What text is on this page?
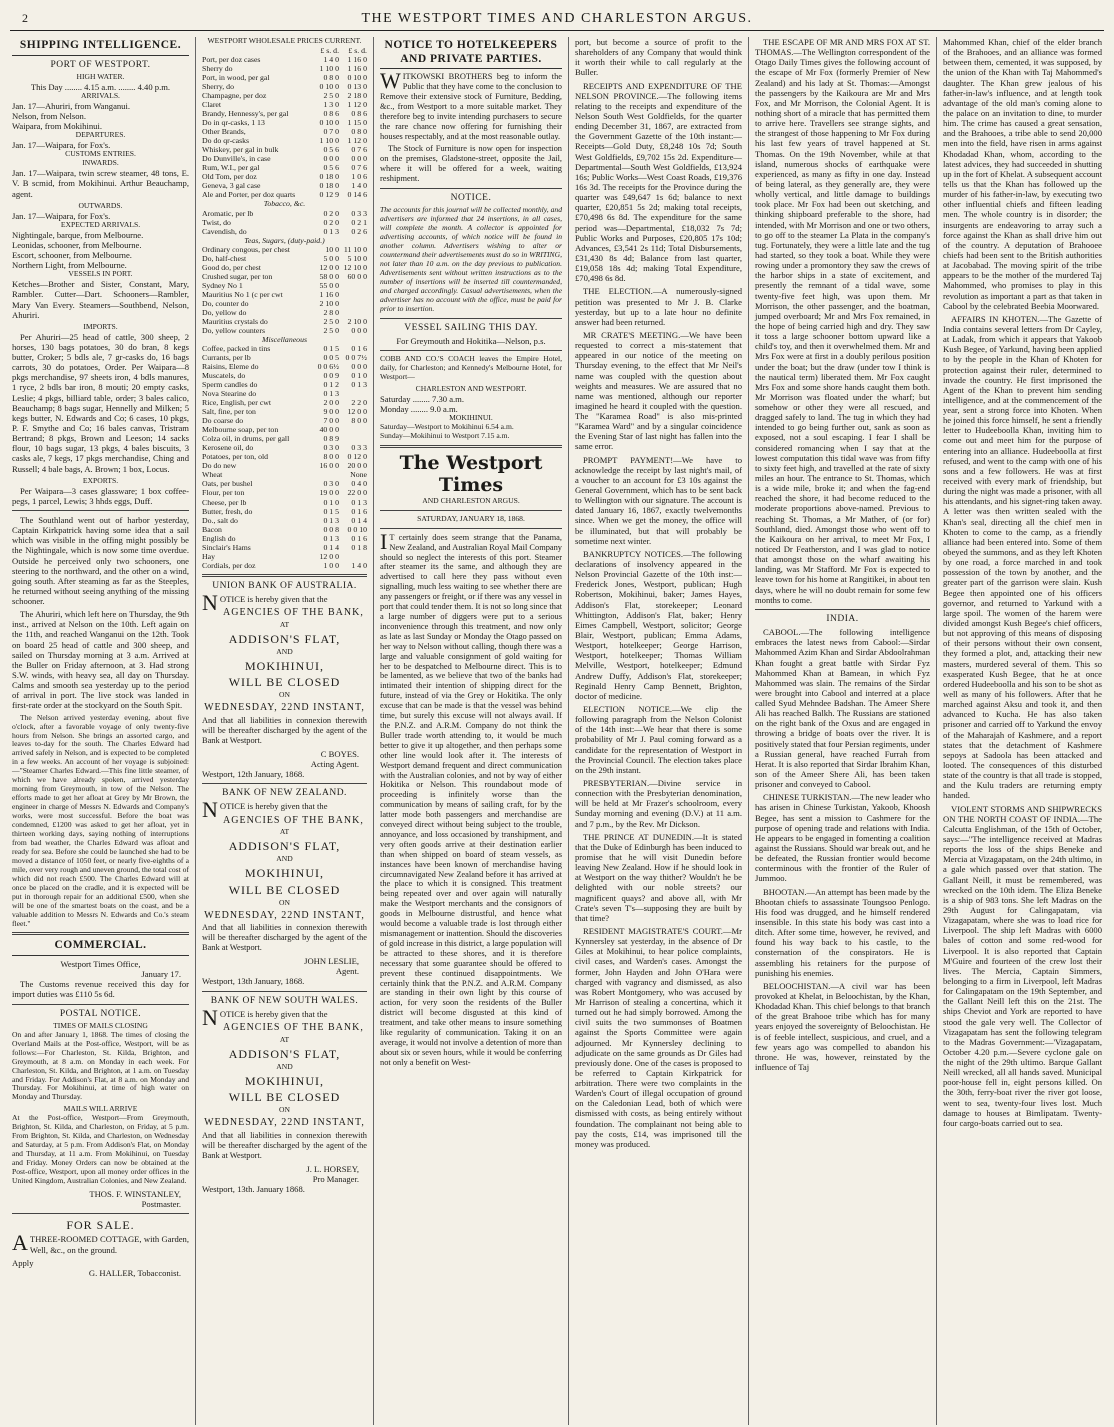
2	THE WESTPORT TIMES AND CHARLESTON ARGUS.
SHIPPING INTELLIGENCE.
PORT OF WESTPORT.
HIGH WATER.
This Day ........ 4.15 a.m. ........ 4.40 p.m.
ARRIVALS.
Jan. 17—Ahuriri, from Wanganui.
Nelson, from Nelson.
Waipara, from Mokihinui.
DEPARTURES.
Jan. 17—Waipara, for Fox's.
CUSTOMS ENTRIES.
INWARDS.

Jan. 17—Waipara, twin screw steamer, 48 tons, E. V. B scmid, from Mokihinui. Arthur Beauchamp, agent.

OUTWARDS.
Jan. 17—Waipara, for Fox's.
EXPECTED ARRIVALS.
Nightingale, barque, from Melbourne.
Leonidas, schooner, from Melbourne.
Escort, schooner, from Melbourne.
Northern Light, from Melbourne.
VESSELS IN PORT.

Ketches—Brother and Sister, Constant, Mary, Rambler. Cutter—Dart. Schooners—Rambler, Mary Van Every. Steamers—Southbend, Nelson, Ahuriri.

IMPORTS.

Per Ahuriri—25 head of cattle, 300 sheep, 2 horses, 130 bags potatoes, 30 do bran, 8 kegs butter, Croker; 5 bdls ale, 7 gr-casks do, 16 bags carrots, 30 do potatoes, Order. Per Waipara—8 pkgs merchandise, 97 sheets iron, 4 bdls manures, 1 ryce, 2 bdls bar iron, 8 mouti; 20 empty casks, Leslie; 4 pkgs, billiard table, order; 3 bales calico, Beauchamp; 8 bags sugar, Hennelly and Milken; 5 kegs butter, N. Edwards and Co; 6 cases, 10 pkgs, P. F. Smythe and Co; 16 bales canvas, Tristram Bertrand; 8 pkgs, Brown and Leeson; 14 sacks flour, 10 bags sugar, 13 pkgs, 4 bales biscuits, 3 casks ale, 7 kegs, 17 pkgs merchandise, Ching and Russell; 4 bale bags, A. Brown; 1 box, Locus.

EXPORTS.

Per Waipara—3 cases glassware; 1 box coffee-pegs, 1 parcel, Lewis; 3 hhds eggs, Duff.

The Southland went out of harbor yesterday, Captain Kirkpatrick having some idea that a sail which was visible in the offing might possibly be the Nightingale, which is now some time overdue. Outside he perceived only two schooners, one steering to the northward, and the other on a wind, going south. After steaming as far as the Steeples, he returned without seeing anything of the missing schooner.

The Ahuriri, which left here on Thursday, the 9th inst., arrived at Nelson on the 10th. Left again on the 11th, and reached Wanganui on the 12th. Took on board 25 head of cattle and 300 sheep, and sailed on Thursday morning at 3 a.m. Arrived at the Buller on Friday afternoon, at 3. Had strong S.W. winds, with heavy sea, all day on Thursday. Calms and smooth sea yesterday up to the period of arrival in port. The live stock was landed in first-rate order at the stockyard on the South Spit.

The Nelson arrived yesterday evening, about five o'clock, after a favorable voyage of only twenty-five hours from Nelson. She brings an assorted cargo, and leaves to-day for the south. The Charles Edward had arrived safely in Nelson, and is expected to be completed in a few weeks. An account of her voyage is subjoined:—"Steamer Charles Edward.—This fine little steamer, of which we have already spoken, arrived yesterday morning from Greymouth, in tow of the Nelson. The efforts made to get her afloat at Grey by Mr Brown, the engineer in charge of Messrs N. Edwards and Company's works, were most successful. Before the boat was condemned, £1200 was asked to get her afloat, yet in thirteen working days, saying nothing of interruptions from bad weather, the Charles Edward was afloat and ready for sea. Before she could be launched she had to be moved a distance of 1050 feet, or nearly five-eighths of a mile, over very rough and uneven ground, the total cost of which did not reach £500. The Charles Edward will at once be placed on the cradle, and it is expected will be put in thorough repair for an additional £500, when she will be one of the smartest boats on the coast, and be a valuable addition to Messrs N. Edwards and Co.'s steam fleet."

COMMERCIAL.
Westport Times Office,
January 17.

The Customs revenue received this day for import duties was £110 5s 6d.

POSTAL NOTICE.
TIMES OF MAILS CLOSING

On and after January 1, 1868. The times of closing the Overland Mails at the Post-office, Westport, will be as follows:—For Charleston, St. Kilda, Brighton, and Greymouth, at 8 a.m. on Monday in each week. For Charleston, St. Kilda, and Brighton, at 1 a.m. on Tuesday and Friday. For Addison's Flat, at 8 a.m. on Monday and Thursday. For Mokihinui, at time of high water on Monday and Thursday.

MAILS WILL ARRIVE

At the Post-office, Westport—From Greymouth, Brighton, St. Kilda, and Charleston, on Friday, at 5 p.m. From Brighton, St. Kilda, and Charleston, on Wednesday and Saturday, at 5 p.m. From Addison's Flat, on Monday and Thursday, at 11 a.m. From Mokihinui, on Tuesday and Friday. Money Orders can now be obtained at the Post-office, Westport, upon all money order offices in the United Kingdom, Australian Colonies, and New Zealand.

THOS. F. WINSTANLEY,
Postmaster.
FOR SALE.

ATHREE-ROOMED COTTAGE, with Garden, Well, &c., on the ground.

Apply
G. HALLER, Tobacconist.
WESTPORT WHOLESALE PRICES CURRENT.
	£ s. d.	£ s. d.
Port, per doz cases	1 4 0	1 16 0
Sherry do	1 10 0	1 16 0
Port, in wood, per gal	0 8 0	0 10 0
Sherry, do	0 10 0	0 13 0
Champagne, per doz	2 5 0	2 18 0
Claret	1 3 0	1 12 0
Brandy, Hennessy's, per gal	0 8 6	0 8 6
Do in qr-casks, 1 13	0 10 0	1 15 0
Other Brands,	0 7 0	0 8 0
Do do qr-casks	1 10 0	1 12 0
Whiskey, per gal in bulk	0 5 6	0 7 6
Do Dunville's, in case	0 0 0	0 0 0
Rum, W.I., per gal	0 5 6	0 7 6
Old Tom, per doz	0 18 0	1 0 6
Geneva, 3 gal case	0 18 0	1 4 0
Ale and Porter, per doz quarts	0 12 9	0 14 6
Tobacco, &c.		
Aromatic, per lb	0 2 0	0 3 3
Twist, do	0 2 0	0 2 1
Cavendish, do	0 1 3	0 2 6
Teas, Sugars, (duty-paid.)		
Ordinary congous, per chest	10 0	11 10 0
Do, half-chest	5 0 0	5 10 0
Good do, per chest	12 0 0	12 10 0
Crushed sugar, per ton	58 0 0	60 0 0
Sydney No 1	55 0 0	
Mauritius No 1 (c per cwt	1 16 0	
Do, counter do	2 10 0	
Do, yellow do	2 8 0	
Mauritius crystals do	2 5 0	2 10 0
Do, yellow counters	2 5 0	0 0 0
Miscellaneous		
Coffee, packed in tins	0 1 5	0 1 6
Currants, per lb	0 0 5	0 0 7½
Raisins, Eleme do	0 0 6½	0 0 0
Muscatels, do	0 0 9	0 1 0
Sperm candles do	0 1 2	0 1 3
Nova Stearine do	0 1 3	
Rice, English, per cwt	2 0 0	2 2 0
Salt, fine, per ton	9 0 0	12 0 0
Do coarse do	7 0 0	8 0 0
Melbourne soap, per ton	40 0 0	
Colza oil, in drums, per gall	0 8 9	
Kerosene oil, do	0 3 0	0 3 3
Potatoes, per ton, old	8 0 0	0 12 0
Do do new	16 0 0	20 0 0
Wheat		None
Oats, per bushel	0 3 0	0 4 0
Flour, per ton	19 0 0	22 0 0
Cheese, per lb	0 1 0	0 1 3
Butter, fresh, do	0 1 5	0 1 6
Do., salt do	0 1 3	0 1 4
Bacon	0 0 8	0 0 10
English do	0 1 3	0 1 6
Sinclair's Hams	0 1 4	0 1 8
Hay	12 0 0	
Cordials, per doz	1 0 0	1 4 0
UNION BANK OF AUSTRALIA.

NOTICE is hereby given that the

AGENCIES OF THE BANK,
AT
ADDISON'S FLAT,
AND
MOKIHINUI,
WILL BE CLOSED
ON
WEDNESDAY, 22ND INSTANT,

And that all liabilities in connexion therewith will be thereafter discharged by the agent of the Bank at Westport.

C BOYES.
Acting Agent.
Westport, 12th January, 1868.
BANK OF NEW ZEALAND.

NOTICE is hereby given that the

AGENCIES OF THE BANK,
AT
ADDISON'S FLAT,
AND
MOKIHINUI,
WILL BE CLOSED
ON
WEDNESDAY, 22ND INSTANT,

And that all liabilities in connexion therewith will be thereafter discharged by the agent of the Bank at Westport.

JOHN LESLIE,
Agent.
Westport, 13th January, 1868.
BANK OF NEW SOUTH WALES.

NOTICE is hereby given that the

AGENCIES OF THE BANK,
AT
ADDISON'S FLAT,
AND
MOKIHINUI,
WILL BE CLOSED
ON
WEDNESDAY, 22ND INSTANT,

And that all liabilities in connexion therewith will be thereafter discharged by the agent of the Bank at Westport.

J. L. HORSEY,
Pro Manager.
Westport, 13th. January 1868.
NOTICE TO HOTELKEEPERS AND PRIVATE PARTIES.

WITKOWSKI BROTHERS beg to inform the Public that they have come to the conclusion to Remove their extensive stock of Furniture, Bedding, &c., from Westport to a more suitable market. They therefore beg to invite intending purchasers to secure the rare chance now offering for furnishing their houses respectably, and at the most reasonable outlay.

The Stock of Furniture is now open for inspection on the premises, Gladstone-street, opposite the Jail, where it will be offered for a week, waiting reshipment.

NOTICE.

The accounts for this journal will be collected monthly, and advertisers are informed that 24 insertions, in all cases, will complete the month. A collector is appointed for advertising accounts, of which notice will be found in another column. Advertisers wishing to alter or countermand their advertisements must do so in WRITING, not later than 10 a.m. on the day previous to publication. Advertisements sent without written instructions as to the number of insertions will be inserted till countermanded, and charged accordingly. Casual advertisements, when the advertiser has no account with the office, must be paid for prior to insertion.

VESSEL SAILING THIS DAY.
For Greymouth and Hokitika—Nelson, p.s.

COBB AND CO.'S COACH leaves the Empire Hotel, daily, for Charleston; and Kennedy's Melbourne Hotel, for Westport—

CHARLESTON AND WESTPORT.
Saturday ........ 7.30 a.m.
Monday ........ 9.0 a.m.
MOKIHINUI.
Saturday—Westport to Mokihinui 6.54 a.m.
Sunday—Mokihinui to Westport 7.15 a.m.
The Westport Times
AND CHARLESTON ARGUS.
SATURDAY, JANUARY 18, 1868.

IT certainly does seem strange that the Panama, New Zealand, and Australian Royal Mail Company should so neglect the interests of this port. Steamer after steamer its the same, and although they are advertised to call here they pass without even signalling, much less waiting to see whether there are any passengers or freight, or if there was any vessel in port that could tender them. It is not so long since that a large number of diggers were put to a serious inconvenience through this treatment, and now only as late as last Sunday or Monday the Otago passed on her way to Nelson without calling, though there was a large and valuable consignment of gold waiting for her to be despatched to Melbourne direct. This is to be lamented, as we believe that two of the banks had intimated their intention of shipping direct for the future, instead of via the Grey or Hokitika. The only excuse that can be made is that the vessel was behind time, but surely this excuse will not always avail. If the P.N.Z. and A.R.M. Company do not think the Buller trade worth attending to, it would be much better to give it up altogether, and then perhaps some other line would look after it. The interests of Westport demand frequent and direct communication with the Australian colonies, and not by way of either Hokitika or Nelson. This roundabout mode of proceeding is infinitely worse than the communication by means of sailing craft, for by the latter mode both passengers and merchandise are conveyed direct without being subject to the trouble, annoyance, and loss occasioned by transhipment, and very often goods arrive at their destination earlier than when shipped on board of steam vessels, as instances have been known of merchandise having circumnavigated New Zealand before it has arrived at the place to which it is consigned. This treatment being repeated over and over again will naturally make the Westport merchants and the consignors of goods in Melbourne distrustful, and hence what would become a valuable trade is lost through either mismanagement or inattention. Should the discoveries of gold increase in this district, a large population will be attracted to these shores, and it is therefore necessary that some guarantee should be offered to prevent these continued disappointments. We certainly think that the P.N.Z. and A.R.M. Company are standing in their own light by this course of action, for very soon the residents of the Buller district will become disgusted at this kind of treatment, and take other means to insure something like regularity of communication. Taking it on an average, it would not involve a detention of more than about six or seven hours, while it would be conferring not only a benefit on West-

port, but become a source of profit to the shareholders of any Company that would think it worth their while to call regularly at the Buller.

RECEIPTS AND EXPENDITURE OF THE NELSON PROVINCE.—The following items relating to the receipts and expenditure of the Nelson South West Goldfields, for the quarter ending December 31, 1867, are extracted from the Government Gazette of the 10th instant:—Receipts—Gold Duty, £8,248 10s 7d; South West Goldfields, £9,702 15s 2d. Expenditure—Departmental—South West Goldfields, £13,924 16s; Public Works—West Coast Roads, £19,376 16s 3d. The receipts for the Province during the quarter was £49,647 1s 6d; balance to next quarter, £20,851 5s 2d; making total receipts, £70,498 6s 8d. The expenditure for the same period was—Departmental, £18,032 7s 7d; Public Works and Purposes, £20,805 17s 10d; Advances, £3,541 2s 11d; Total Disbursements, £31,430 8s 4d; Balance from last quarter, £19,058 18s 4d; making Total Expenditure, £70,498 6s 8d.

THE ELECTION.—A numerously-signed petition was presented to Mr J. B. Clarke yesterday, but up to a late hour no definite answer had been returned.

MR CRATE'S MEETING.—We have been requested to correct a mis-statement that appeared in our notice of the meeting on Thursday evening, to the effect that Mr Neil's name was coupled with the question about weights and measures. We are assured that no name was mentioned, although our reporter imagined he heard it coupled with the question. The "Karamea Road" is also mis-printed "Karamea Ward" and by a singular coincidence the Evening Star of last night has fallen into the same error.

PROMPT PAYMENT!—We have to acknowledge the receipt by last night's mail, of a voucher to an account for £3 10s against the General Government, which has to be sent back to Wellington with our signature. The account is dated January 16, 1867, exactly twelvemonths since. When we get the money, the office will be illuminated, but that will probably be sometime next winter.

BANKRUPTCY NOTICES.—The following declarations of insolvency appeared in the Nelson Provincial Gazette of the 10th inst:—Frederick Jones, Westport, publican; Hugh Robertson, Mokihinui, baker; James Hayes, Addison's Flat, storekeeper; Leonard Whittington, Addison's Flat, baker; Henry Eimes Campbell, Westport, solicitor; George Blair, Westport, publican; Emma Adams, Westport, hotelkeeper; George Harrison, Westport, hotelkeeper; Thomas William Melville, Westport, hotelkeeper; Edmund Andrew Duffy, Addison's Flat, storekeeper; Reginald Henry Camp Bennett, Brighton, doctor of medicine.

ELECTION NOTICE.—We clip the following paragraph from the Nelson Colonist of the 14th inst:—We hear that there is some probability of Mr J. Paul coming forward as a candidate for the representation of Westport in the Provincial Council. The election takes place on the 29th instant.

PRESBYTERIAN.—Divine service in connection with the Presbyterian denomination, will be held at Mr Frazer's schoolroom, every Sunday morning and evening (D.V.) at 11 a.m. and 7 p.m., by the Rev. Mr Dickson.

THE PRINCE AT DUNEDIN.—It is stated that the Duke of Edinburgh has been induced to promise that he will visit Dunedin before leaving New Zealand. How if he should look in at Westport on the way thither? Wouldn't he be delighted with our noble streets? our magnificent quays? and above all, with Mr Crate's seven T's—supposing they are built by that time?

RESIDENT MAGISTRATE'S COURT.—Mr Kynnersley sat yesterday, in the absence of Dr Giles at Mokihinui, to hear police complaints, civil cases, and Warden's cases. Amongst the former, John Hayden and John O'Hara were charged with vagrancy and dismissed, as also was Robert Montgomery, who was accused by Mr Harrison of stealing a concertina, which it turned out he had simply borrowed. Among the civil suits the two summonses of Boatmen against the Sports Committee were again adjourned. Mr Kynnersley declining to adjudicate on the same grounds as Dr Giles had previously done. One of the cases is proposed to be referred to Captain Kirkpatrick for arbitration. There were two complaints in the Warden's Court of illegal occupation of ground on the Caledonian Lead, both of which were dismissed with costs, as being entirely without foundation. The complainant not being able to pay the costs, £14, was imprisoned till the money was produced.

THE ESCAPE OF MR AND MRS FOX AT ST. THOMAS.—The Wellington correspondent of the Otago Daily Times gives the following account of the escape of Mr Fox (formerly Premier of New Zealand) and his lady at St. Thomas:—Amongst the passengers by the Kaikoura are Mr and Mrs Fox, and Mr Morrison, the Colonial Agent. It is nothing short of a miracle that has permitted them to arrive here. Travellers see strange sights, and the strangest of those happening to Mr Fox during his last few years of travel happened at St. Thomas. On the 19th November, while at that island, numerous shocks of earthquake were experienced, as many as fifty in one day. Instead of being lateral, as they generally are, they were wholly vertical, and little damage to buildings took place. Mr Fox had been out sketching, and thinking shipboard preferable to the shore, had intended, with Mr Morrison and one or two others, to go off to the steamer La Plata in the company's tug. Fortunately, they were a little late and the tug had started, so they took a boat. While they were rowing under a promontory they saw the crews of the harbor ships in a state of excitement, and presently the remnant of a tidal wave, some twenty-five feet high, was upon them. Mr Morrison, the other passenger, and the boatman, jumped overboard; Mr and Mrs Fox remained, in the hope of being carried high and dry. They saw it toss a large schooner bottom upward like a child's toy, and then it overwhelmed them. Mr and Mrs Fox were at first in a doubly perilous position under the boat; but the draw (under tow I think is the nautical term) liberated them. Mr Fox caught Mrs Fox and some shore hands caught them both. Mr Morrison was floated under the wharf; but somehow or other they were all rescued, and dragged safely to land. The tug in which they had intended to go being further out, sank as soon as exposed, not a soul escaping. I fear I shall be considered romancing when I say that at the lowest computation this tidal wave was from fifty to sixty feet high, and travelled at the rate of sixty miles an hour. The entrance to St. Thomas, which is a wide mile, broke it; and when the fag-end reached the shore, it had become reduced to the moderate proportions above-named. Previous to reaching St. Thomas, a Mr Mather, of (or for) Southland, died. Amongst those who went off to the Kaikoura on her arrival, to meet Mr Fox, I noticed Dr Featherston, and I was glad to notice that amongst those on the wharf awaiting his landing, was Mr Stafford. Mr Fox is expected to leave town for his home at Rangitikei, in about ten days, where he will no doubt remain for some few months to come.

INDIA.

CABOOL.—The following intelligence embraces the latest news from Cabool:—Sirdar Mahommed Azim Khan and Sirdar Abdoolrahman Khan fought a great battle with Sirdar Fyz Mahommed Khan at Bamean, in which Fyz Mahommed was slain. The remains of the Sirdar were brought into Cabool and interred at a place called Syud Mehndee Badshan. The Ameer Shere Ali has reached Balkh. The Russians are stationed on the right bank of the Oxus and are engaged in throwing a bridge of boats over the river. It is positively stated that four Persian regiments, under a Russian general, have reached Furrah from Herat. It is also reported that Sirdar Ibrahim Khan, son of the Ameer Shere Ali, has been taken prisoner and conveyed to Cabool.

CHINESE TURKISTAN.—The new leader who has arisen in Chinese Turkistan, Yakoob, Khoosh Begee, has sent a mission to Cashmere for the purpose of opening trade and relations with India. He appears to be engaged in fomenting a coalition against the Russians. Should war break out, and he be defeated, the Russian frontier would become conterminous with the frontier of the Ruler of Jummoo.

BHOOTAN.—An attempt has been made by the Bhootan chiefs to assassinate Toungsoo Penlogo. His food was drugged, and he himself rendered insensible. In this state his body was cast into a ditch. After some time, however, he revived, and found his way back to his castle, to the consternation of the conspirators. He is assembling his retainers for the purpose of punishing his enemies.

BELOOCHISTAN.—A civil war has been provoked at Khelat, in Beloochistan, by the Khan, Khodadad Khan. This chief belongs to that branch of the great Brahooe tribe which has for many years enjoyed the sovereignty of Beloochistan. He is of feeble intellect, suspicious, and cruel, and a few years ago was compelled to abandon his throne. He was, however, reinstated by the influence of Taj

Mahommed Khan, chief of the elder branch of the Brahooes, and an alliance was formed between them, cemented, it was supposed, by the union of the Khan with Taj Mahommed's daughter. The Khan grew jealous of his father-in-law's influence, and at length took advantage of the old man's coming alone to the palace on an invitation to dine, to murder him. The crime has caused a great sensation, and the Brahooes, a tribe able to send 20,000 men into the field, have risen in arms against Khodadad Khan, whom, according to the latest advices, they had succeeded in shutting up in the fort of Khelat. A subsequent account tells us that the Khan has followed up the murder of his father-in-law, by executing two other influential chiefs and fifteen leading men. The whole country is in disorder; the insurgents are endeavoring to array such a force against the Khan as shall drive him out of the country. A deputation of Brahooee chiefs had been sent to the British authorities at Jacobabad. The moving spirit of the tribe appears to be the mother of the murdered Taj Mahommed, who promises to play in this revolution as important a part as that taken in Cabool by the celebrated Beebia Moorwared.

AFFAIRS IN KHOTEN.—The Gazette of India contains several letters from Dr Cayley, at Ladak, from which it appears that Yakoob Kush Begee, of Yarkund, having been applied to by the people in the Khan of Khoten for protection against their ruler, determined to invade the country. He first imprisoned the Agent of the Khan to prevent him sending intelligence, and at the commencement of the year, sent a strong force into Khoten. When he joined this force himself, he sent a friendly letter to Hudeeboolla Khan, inviting him to come out and meet him for the purpose of entering into an alliance. Hudeeboolla at first refused, and went to the camp with one of his sons and a few followers. He was at first received with every mark of friendship, but during the night was made a prisoner, with all his attendants, and his signet-ring taken away. A letter was then written sealed with the Khan's seal, directing all the chief men in Khoten to come to the camp, as a friendly alliance had been entered into. Some of them obeyed the summons, and as they left Khoten by one road, a force marched in and took possession of the town by another, and the greater part of the garrison were slain. Kush Begee then appointed one of his officers governor, and returned to Yarkund with a large spoil. The women of the harem were divided amongst Kush Begee's chief officers, but not approving of this means of disposing of their persons without their own consent, they formed a plot, and, attacking their new masters, murdered several of them. This so exasperated Kush Begee, that he at once ordered Hudeeboolla and his son to be shot as well as many of his followers. After that he marched against Aksu and took it, and then advanced to Kucha. He has also taken prisoner and carried off to Yarkund the envoy of the Maharajah of Kashmere, and a report states that the detachment of Kashmere sepoys at Sadoola has been attacked and looted. The consequences of this disturbed state of the country is that all trade is stopped, and the Kulu traders are returning empty handed.

VIOLENT STORMS AND SHIPWRECKS ON THE NORTH COAST OF INDIA.—The Calcutta Englishman, of the 15th of October, says:—"The intelligence received at Madras reports the loss of the ships Beneke and Mercia at Vizagapatam, on the 24th ultimo, in a gale which passed over that station. The Gallant Neill, it must be remembered, was wrecked on the 10th idem. The Eliza Beneke is a ship of 983 tons. She left Madras on the 29th August for Calingapatam, via Vizagapatam, where she was to load rice for Liverpool. The ship left Madras with 6000 bales of cotton and some red-wood for Liverpool. It is also reported that Captain M'Guire and fourteen of the crew lost their lives. The Mercia, Captain Simmers, belonging to a firm in Liverpool, left Madras for Calingapatam on the 19th September, and the Gallant Neill left this on the 21st. The ships Cheviot and York are reported to have stood the gale very well. The Collector of Vizagapatam has sent the following telegram to the Madras Government:—'Vizagapatam, October 4.20 p.m.—Severe cyclone gale on the night of the 29th ultimo. Barque Gallant Neill wrecked, all all hands saved. Municipal poor-house fell in, eight persons killed. On the 30th, ferry-boat river the river got loose, went to sea, twenty-four lives lost. Much damage to houses at Bimlipatam. Twenty-four cargo-boats carried out to sea.
